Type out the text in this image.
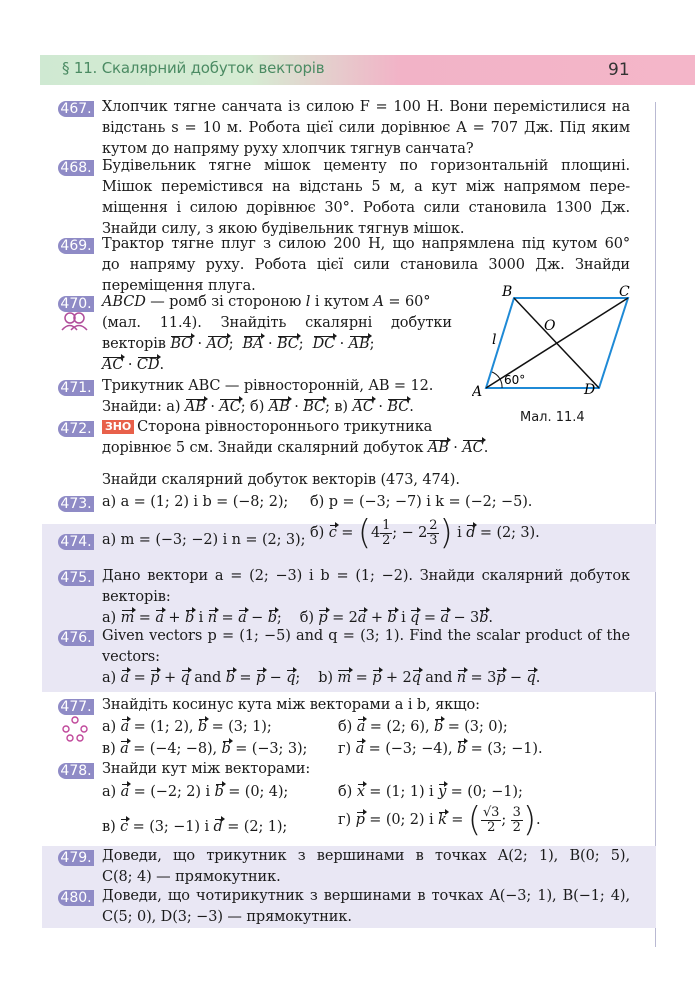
§ 11. Скалярний добуток векторів	91
467. Хлопчик тягне санчата із силою F = 100 Н. Вони перемістилися на
відстань s = 10 м. Робота цієї сили дорівнює A = 707 Дж. Під яким
кутом до напряму руху хлопчик тягнув санчата?
468. Будівельник тягне мішок цементу по горизонтальній площині.
Мішок перемістився на відстань 5 м, а кут між напрямом пере-
міщення і силою дорівнює 30°. Робота сили становила 1300 Дж.
Знайди силу, з якою будівельник тягнув мішок.
469. Трактор тягне плуг з силою 200 Н, що напрямлена під кутом 60°
до напряму руху. Робота цієї сили становила 3000 Дж. Знайди
переміщення плуга.
470. ABCD — ромб зі стороною l і кутом A = 60°
(мал. 11.4). Знайдіть скалярні добутки
векторів BO · AO;  BA · BC;  DC · AB;
AC · CD.
B	C
A	D
O
l
60°
Мал. 11.4
471. Трикутник ABC — рівносторонній, AB = 12.
Знайди: а) AB · AC; б) AB · BC; в) AC · BC.
472. ЗНО Сторона рівностороннього трикутника
дорівнює 5 см. Знайди скалярний добуток AB · AC.
Знайди скалярний добуток векторів (473, 474).
473. а) a = (1; 2) і b = (−8; 2); б) p = (−3; −7) і k = (−2; −5).
474. а) m = (−3; −2) і n = (2; 3); б) $c = (4 \frac{1}{2}$ ; − $2 \frac{2}{3}$ ) і d = (2; 3).
475. Дано вектори a = (2; −3) і b = (1; −2). Знайди скалярний добуток
векторів:
а) m = a + b і n = a − b;    б) p = 2a + b і q = a − 3b.
476. Given vectors p = (1; −5) and q = (3; 1). Find the scalar product of the
vectors:
а) a = p + q and b = p − q;    b) m = p + 2q and n = 3p − q.
477. Знайдіть косинус кута між векторами a і b, якщо:
а) a = (1; 2), b = (3; 1);	б) a = (2; 6), b = (3; 0);
в) a = (−4; −8), b = (−3; 3); г) a = (−3; −4), b = (3; −1).
478. Знайди кут між векторами:
а) a = (−2; 2) і b = (0; 4);	б) x = (1; 1) і y = (0; −1);
в) c = (3; −1) і d = (2; 1);	г) p = (0; 2) і k = ( $\frac{√3}{2}$ ; $\frac{3}{2}$ ).
479. Доведи, що трикутник з вершинами в точках A(2; 1), B(0; 5),
C(8; 4) — прямокутник.
480. Доведи, що чотирикутник з вершинами в точках A(−3; 1), B(−1; 4),
C(5; 0), D(3; −3) — прямокутник.
